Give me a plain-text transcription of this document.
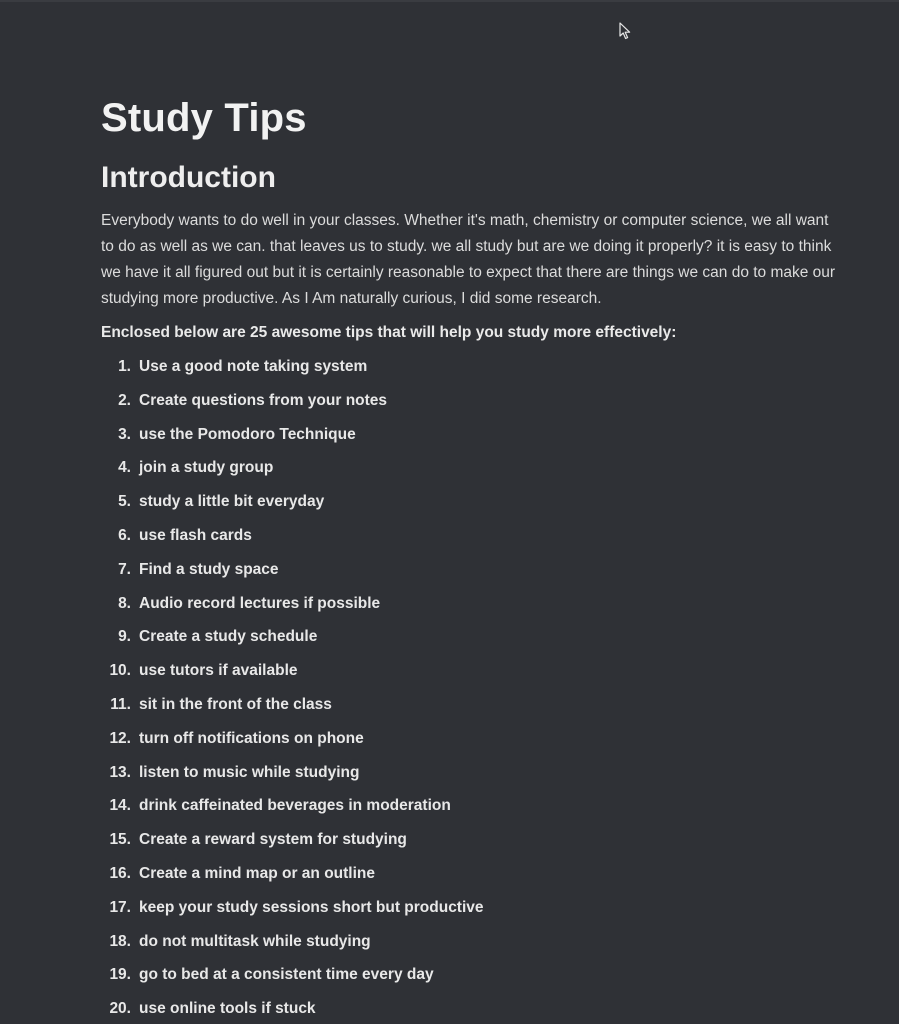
Study Tips
Introduction

Everybody wants to do well in your classes. Whether it's math, chemistry or computer science, we all want to do as well as we can. that leaves us to study. we all study but are we doing it properly? it is easy to think we have it all figured out but it is certainly reasonable to expect that there are things we can do to make our studying more productive. As I Am naturally curious, I did some research.

Enclosed below are 25 awesome tips that will help you study more effectively:

1. Use a good note taking system
2. Create questions from your notes
3. use the Pomodoro Technique
4. join a study group
5. study a little bit everyday
6. use flash cards
7. Find a study space
8. Audio record lectures if possible
9. Create a study schedule
10. use tutors if available
11. sit in the front of the class
12. turn off notifications on phone
13. listen to music while studying
14. drink caffeinated beverages in moderation
15. Create a reward system for studying
16. Create a mind map or an outline
17. keep your study sessions short but productive
18. do not multitask while studying
19. go to bed at a consistent time every day
20. use online tools if stuck
